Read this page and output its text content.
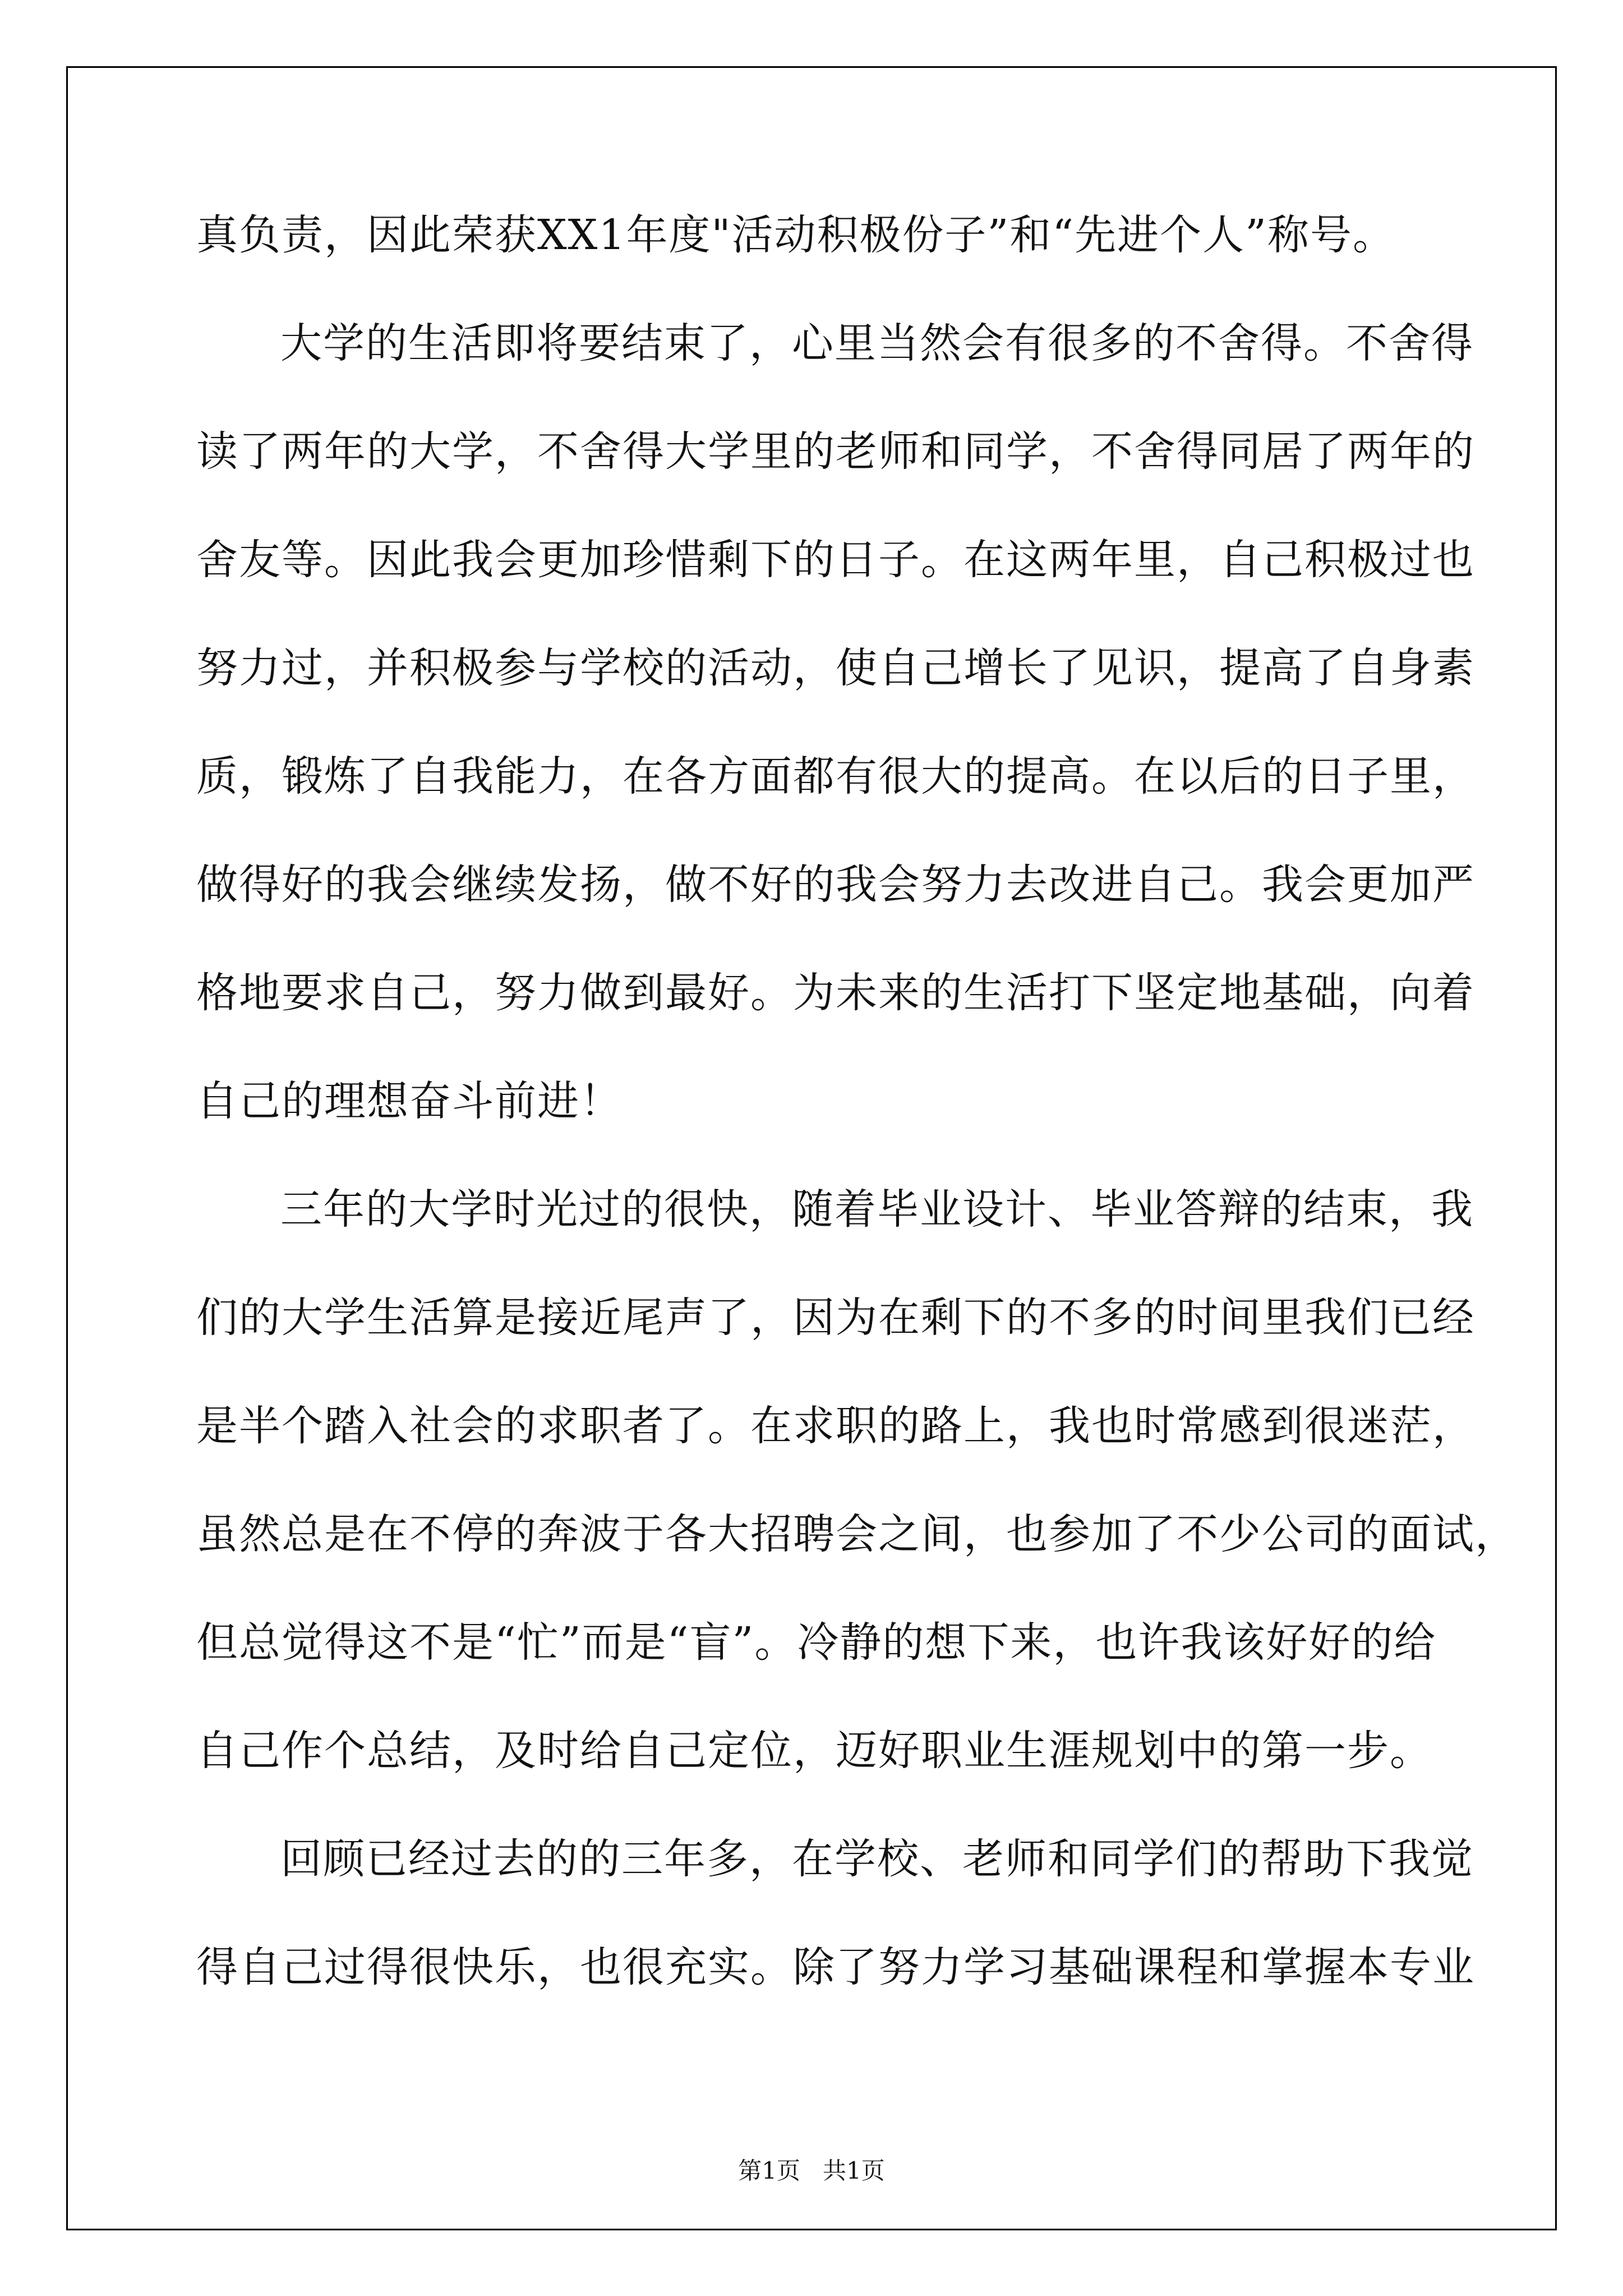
真负责，因此荣获XX1年度"活动积极份子”和“先进个人”称号。
大学的生活即将要结束了，心里当然会有很多的不舍得。不舍得
读了两年的大学，不舍得大学里的老师和同学，不舍得同居了两年的
舍友等。因此我会更加珍惜剩下的日子。在这两年里，自己积极过也
努力过，并积极参与学校的活动，使自己增长了见识，提高了自身素
质，锻炼了自我能力，在各方面都有很大的提高。在以后的日子里，
做得好的我会继续发扬，做不好的我会努力去改进自己。我会更加严
格地要求自己，努力做到最好。为未来的生活打下坚定地基础，向着
自己的理想奋斗前进！
三年的大学时光过的很快，随着毕业设计、毕业答辩的结束，我
们的大学生活算是接近尾声了，因为在剩下的不多的时间里我们已经
是半个踏入社会的求职者了。在求职的路上，我也时常感到很迷茫，
虽然总是在不停的奔波于各大招聘会之间，也参加了不少公司的面试，
但总觉得这不是“忙”而是“盲”。冷静的想下来，也许我该好好的给
自己作个总结，及时给自己定位，迈好职业生涯规划中的第一步。
回顾已经过去的的三年多，在学校、老师和同学们的帮助下我觉
得自己过得很快乐，也很充实。除了努力学习基础课程和掌握本专业
第1页 共1页
